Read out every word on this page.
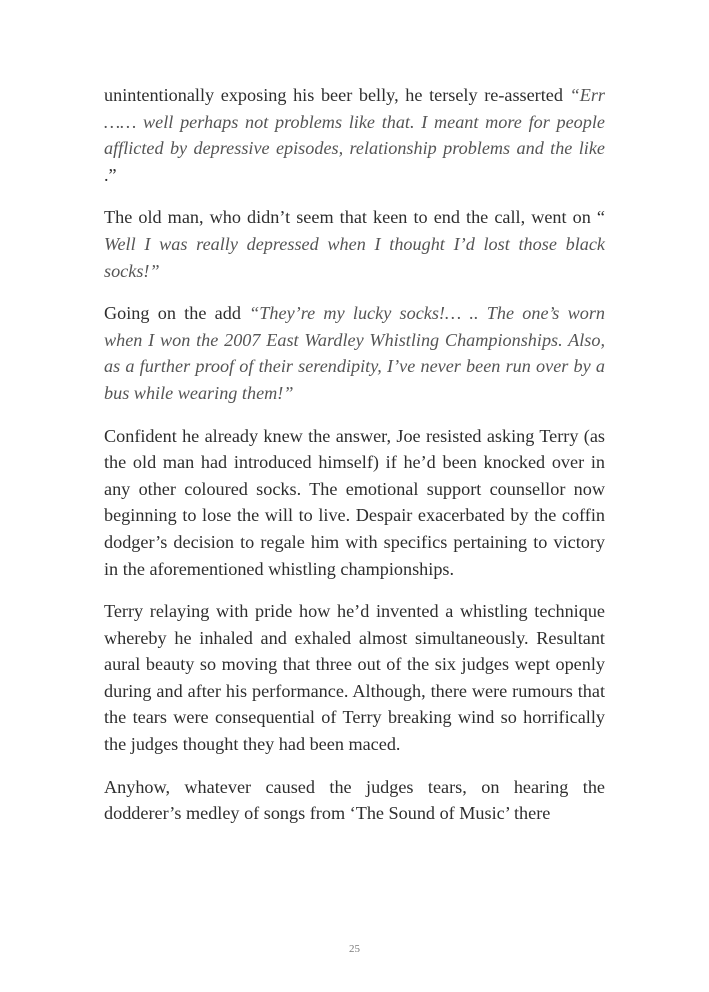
unintentionally exposing his beer belly, he tersely re-asserted “Err …… well perhaps not problems like that. I meant more for people afflicted by depressive episodes, relationship problems and the like .”

The old man, who didn’t seem that keen to end the call, went on “ Well I was really depressed when I thought I’d lost those black socks!”

Going on the add “They’re my lucky socks!… .. The one’s worn when I won the 2007 East Wardley Whistling Championships. Also, as a further proof of their serendipity, I’ve never been run over by a bus while wearing them!”

Confident he already knew the answer, Joe resisted asking Terry (as the old man had introduced himself) if he’d been knocked over in any other coloured socks. The emotional support counsellor now beginning to lose the will to live. Despair exacerbated by the coffin dodger’s decision to regale him with specifics pertaining to victory in the aforementioned whistling championships.

Terry relaying with pride how he’d invented a whistling technique whereby he inhaled and exhaled almost simultaneously. Resultant aural beauty so moving that three out of the six judges wept openly during and after his performance. Although, there were rumours that the tears were consequential of Terry breaking wind so horrifically the judges thought they had been maced.

Anyhow, whatever caused the judges tears, on hearing the dodderer’s medley of songs from ‘The Sound of Music’ there

25
